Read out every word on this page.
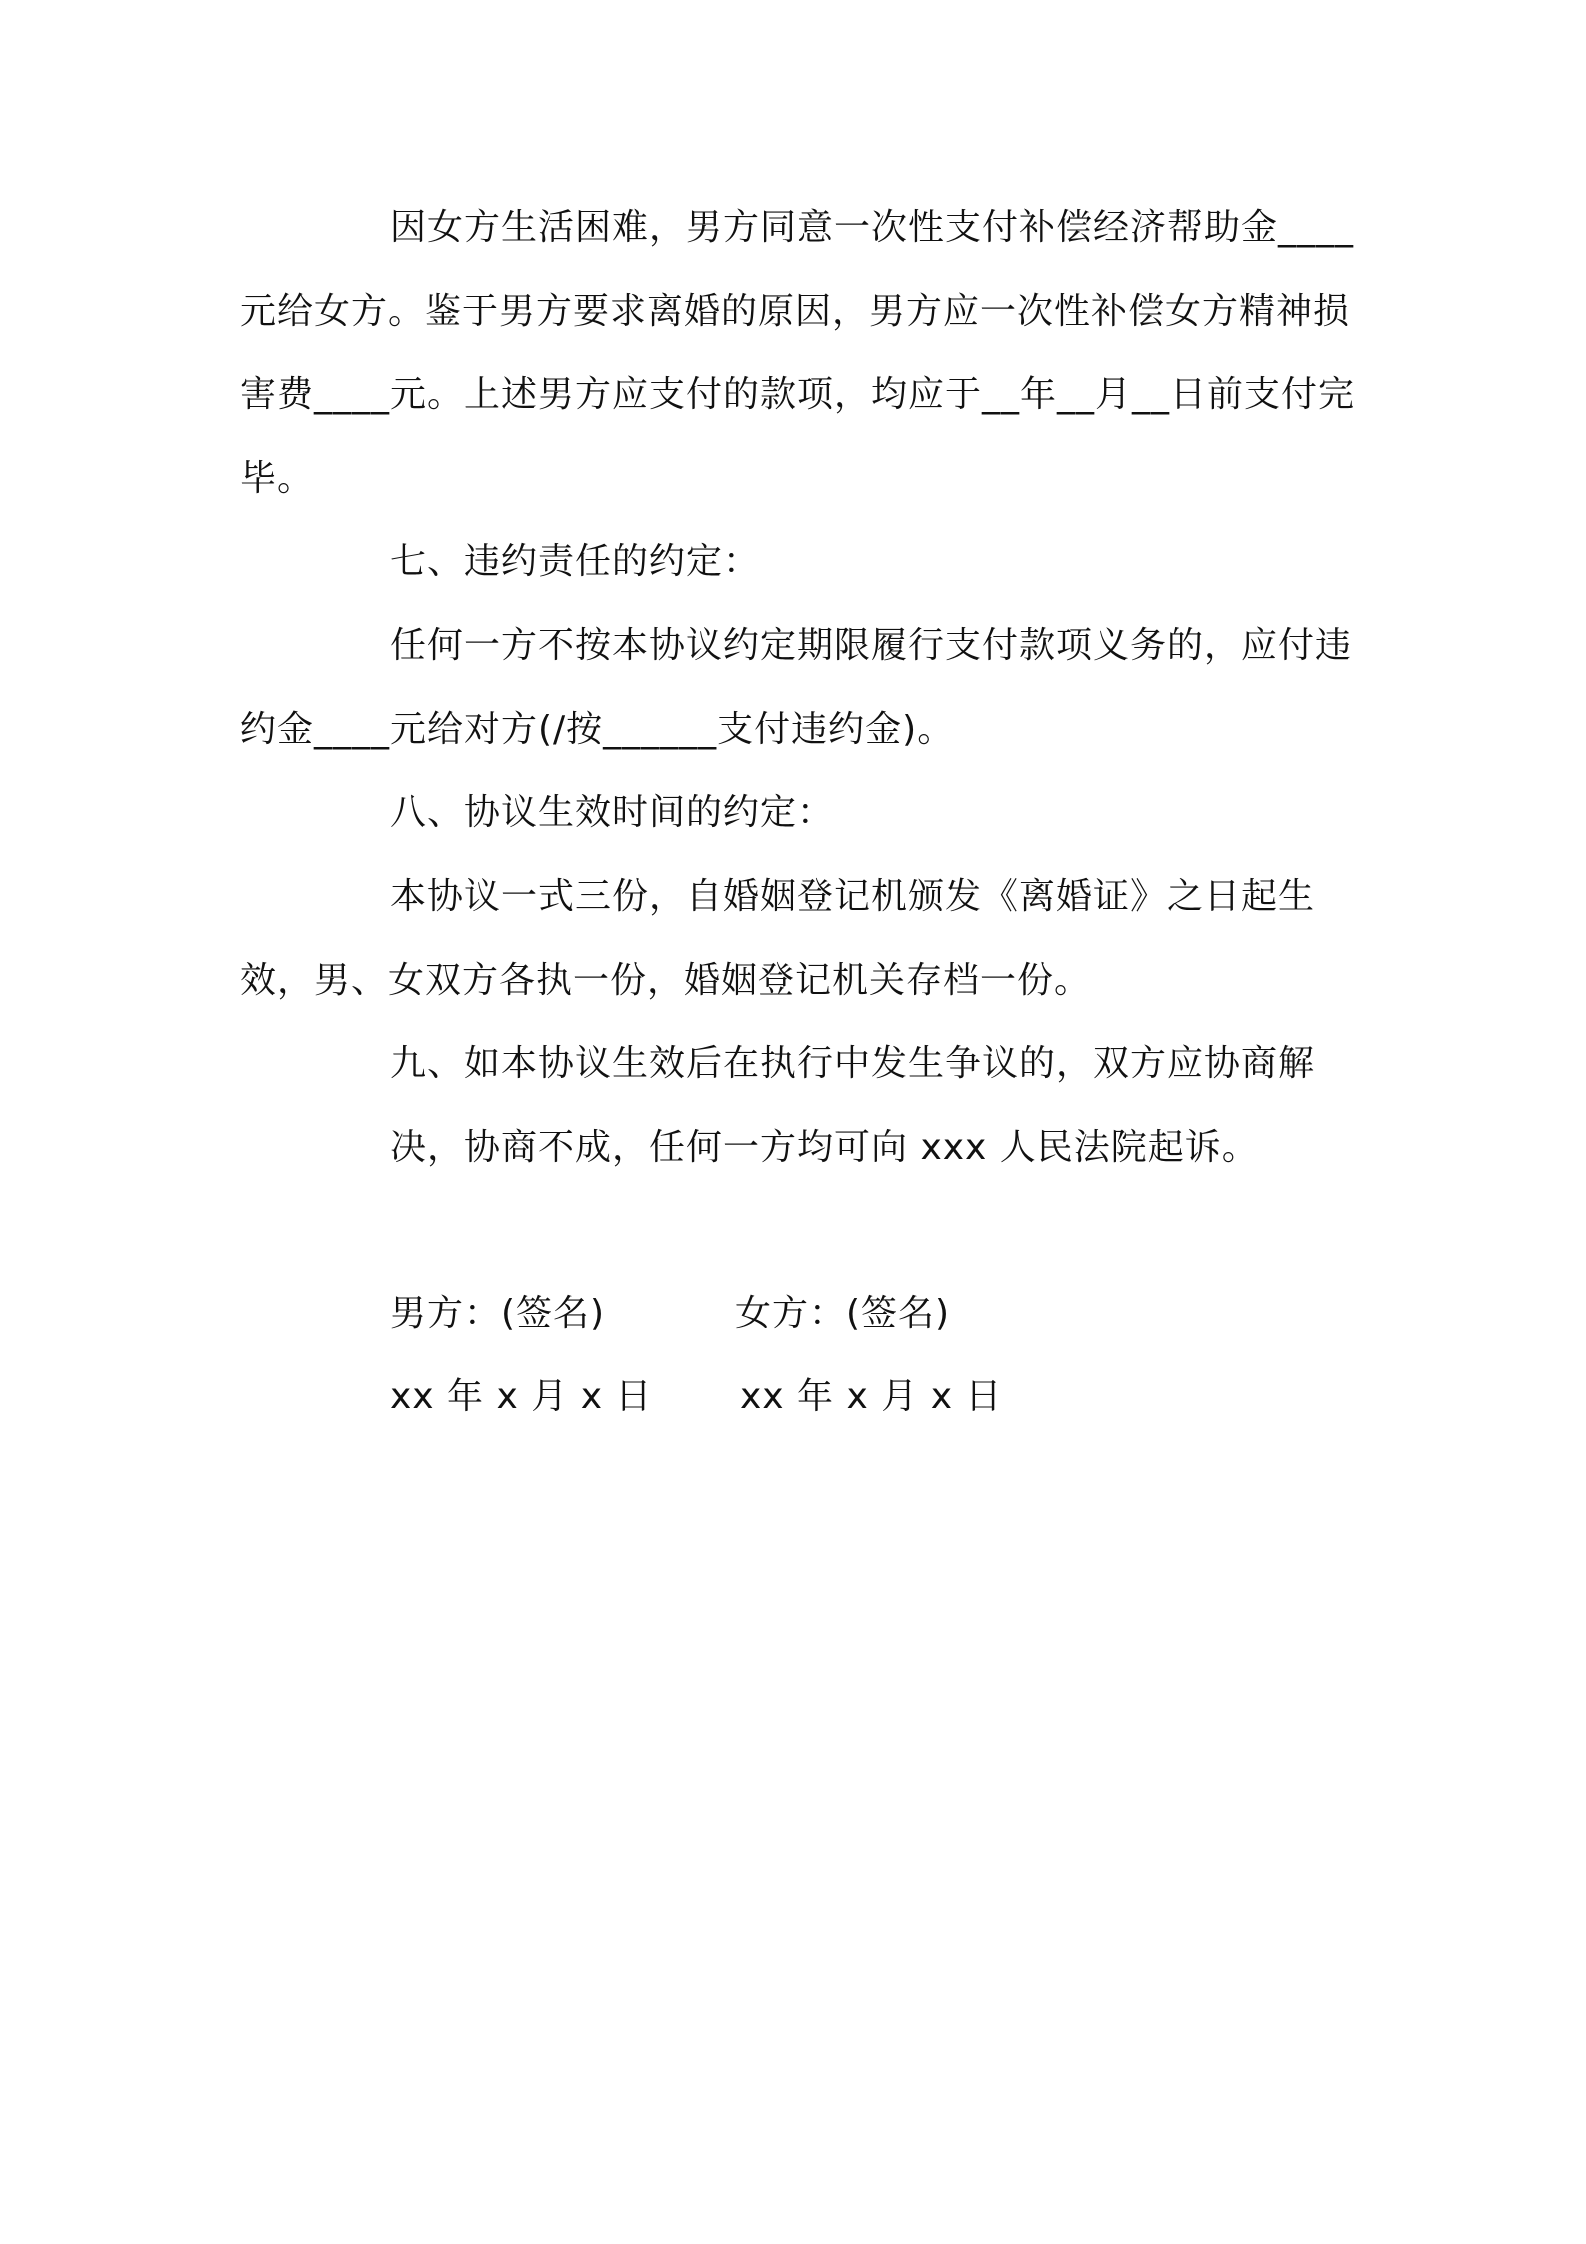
因女方生活困难，男方同意一次性支付补偿经济帮助金____元给女方。鉴于男方要求离婚的原因，男方应一次性补偿女方精神损害费____元。上述男方应支付的款项，均应于__年__月__日前支付完毕。

七、违约责任的约定：

任何一方不按本协议约定期限履行支付款项义务的，应付违约金____元给对方(/按______支付违约金)。

八、协议生效时间的约定：

本协议一式三份，自婚姻登记机颁发《离婚证》之日起生效，男、女双方各执一份，婚姻登记机关存档一份。

九、如本协议生效后在执行中发生争议的，双方应协商解决，协商不成，任何一方均可向 xxx 人民法院起诉。

男方：(签名)	女方：(签名)

xx 年 x 月 x 日 xx 年 x 月 x 日
